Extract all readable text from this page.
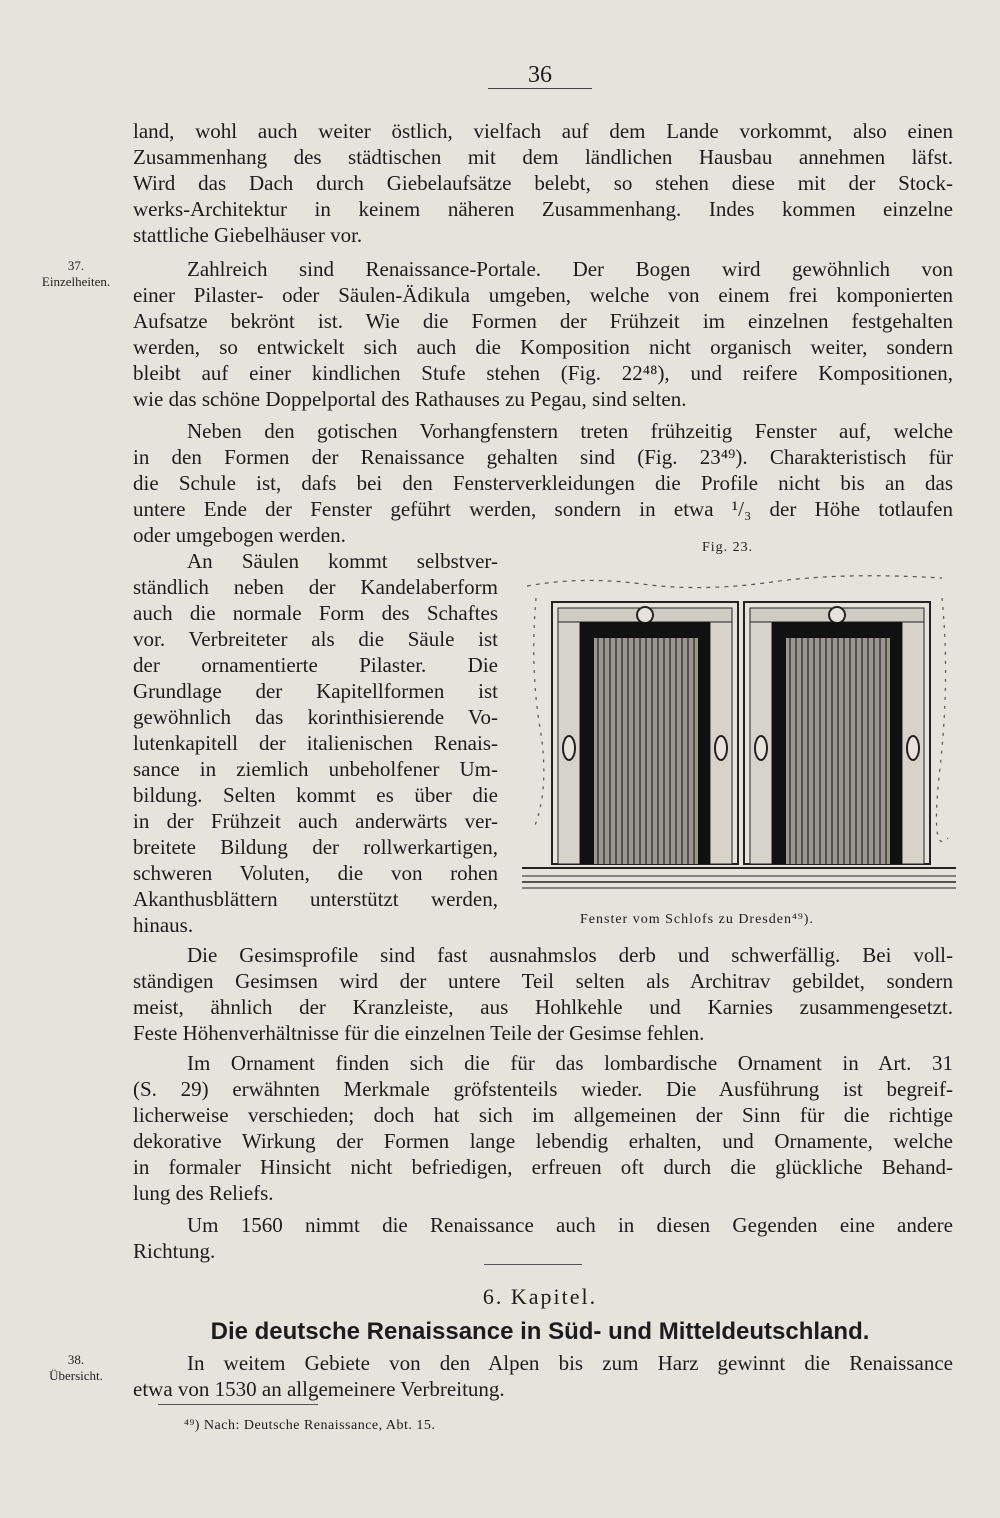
36
land, wohl auch weiter östlich, vielfach auf dem Lande vorkommt, also einen
Zusammenhang des städtischen mit dem ländlichen Hausbau annehmen läfst.
Wird das Dach durch Giebelaufsätze belebt, so stehen diese mit der Stock-
werks-Architektur in keinem näheren Zusammenhang. Indes kommen einzelne
stattliche Giebelhäuser vor.
37.
Einzelheiten.
Zahlreich sind Renaissance-Portale. Der Bogen wird gewöhnlich von
einer Pilaster- oder Säulen-Ädikula umgeben, welche von einem frei komponierten
Aufsatze bekrönt ist. Wie die Formen der Frühzeit im einzelnen festgehalten
werden, so entwickelt sich auch die Komposition nicht organisch weiter, sondern
bleibt auf einer kindlichen Stufe stehen (Fig. 22⁴⁸), und reifere Kompositionen,
wie das schöne Doppelportal des Rathauses zu Pegau, sind selten.
Neben den gotischen Vorhangfenstern treten frühzeitig Fenster auf, welche
in den Formen der Renaissance gehalten sind (Fig. 23⁴⁹). Charakteristisch für
die Schule ist, dafs bei den Fensterverkleidungen die Profile nicht bis an das
untere Ende der Fenster geführt werden, sondern in etwa ¹/₃ der Höhe totlaufen
oder umgebogen werden.
An Säulen kommt selbstver-
ständlich neben der Kandelaberform
auch die normale Form des Schaftes
vor. Verbreiteter als die Säule ist
der ornamentierte Pilaster. Die
Grundlage der Kapitellformen ist
gewöhnlich das korinthisierende Vo-
lutenkapitell der italienischen Renais-
sance in ziemlich unbeholfener Um-
bildung. Selten kommt es über die
in der Frühzeit auch anderwärts ver-
breitete Bildung der rollwerkartigen,
schweren Voluten, die von rohen
Akanthusblättern unterstützt werden,
hinaus.
Fig. 23.
Fenster vom Schlofs zu Dresden⁴⁹).
Die Gesimsprofile sind fast ausnahmslos derb und schwerfällig. Bei voll-
ständigen Gesimsen wird der untere Teil selten als Architrav gebildet, sondern
meist, ähnlich der Kranzleiste, aus Hohlkehle und Karnies zusammengesetzt.
Feste Höhenverhältnisse für die einzelnen Teile der Gesimse fehlen.
Im Ornament finden sich die für das lombardische Ornament in Art. 31
(S. 29) erwähnten Merkmale gröfstenteils wieder. Die Ausführung ist begreif-
licherweise verschieden; doch hat sich im allgemeinen der Sinn für die richtige
dekorative Wirkung der Formen lange lebendig erhalten, und Ornamente, welche
in formaler Hinsicht nicht befriedigen, erfreuen oft durch die glückliche Behand-
lung des Reliefs.
Um 1560 nimmt die Renaissance auch in diesen Gegenden eine andere
Richtung.
6. Kapitel.
Die deutsche Renaissance in Süd- und Mitteldeutschland.
38.
Übersicht.
In weitem Gebiete von den Alpen bis zum Harz gewinnt die Renaissance
etwa von 1530 an allgemeinere Verbreitung.
⁴⁹) Nach: Deutsche Renaissance, Abt. 15.
